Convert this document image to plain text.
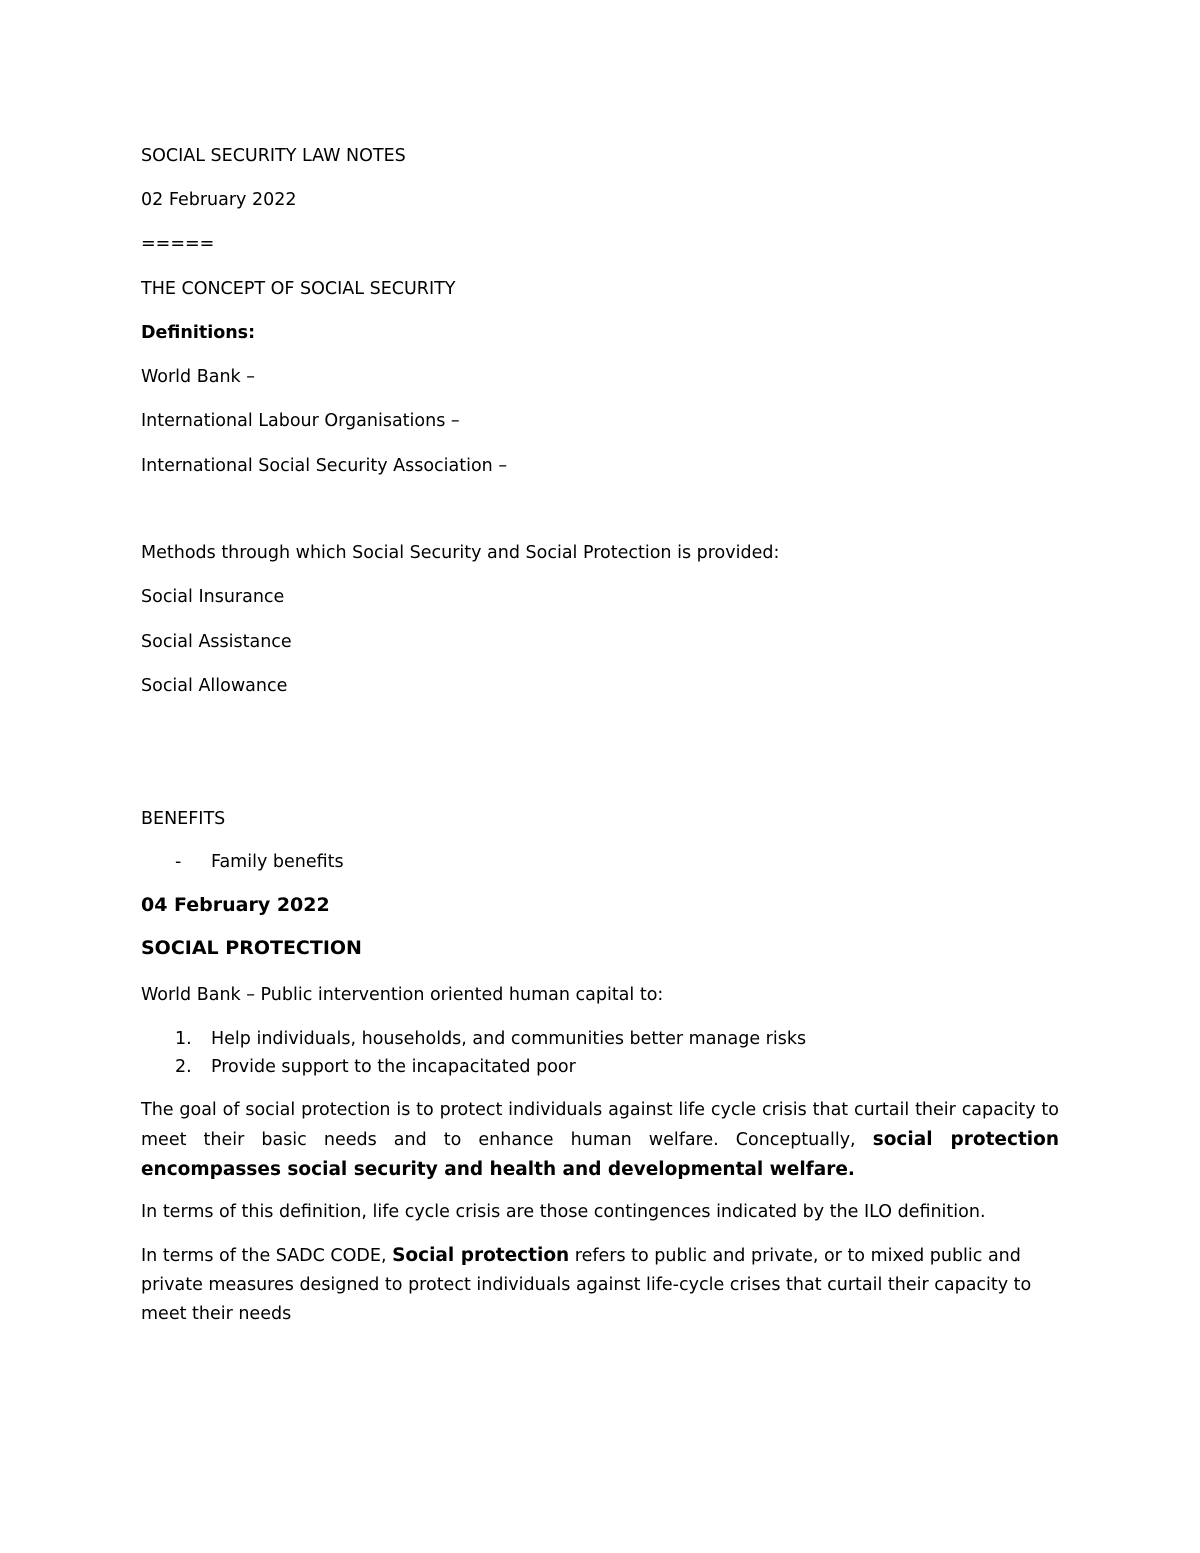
SOCIAL SECURITY LAW NOTES
02 February 2022
=====
THE CONCEPT OF SOCIAL SECURITY
Definitions:
World Bank –
International Labour Organisations –
International Social Security Association –
Methods through which Social Security and Social Protection is provided:
Social Insurance
Social Assistance
Social Allowance
BENEFITS
- Family benefits
04 February 2022
SOCIAL PROTECTION
World Bank – Public intervention oriented human capital to:
1. Help individuals, households, and communities better manage risks
2. Provide support to the incapacitated poor
The goal of social protection is to protect individuals against life cycle crisis that curtail their capacity to meet their basic needs and to enhance human welfare. Conceptually, social protection encompasses social security and health and developmental welfare.
In terms of this definition, life cycle crisis are those contingences indicated by the ILO definition.
In terms of the SADC CODE, Social protection refers to public and private, or to mixed public and private measures designed to protect individuals against life-cycle crises that curtail their capacity to meet their needs
